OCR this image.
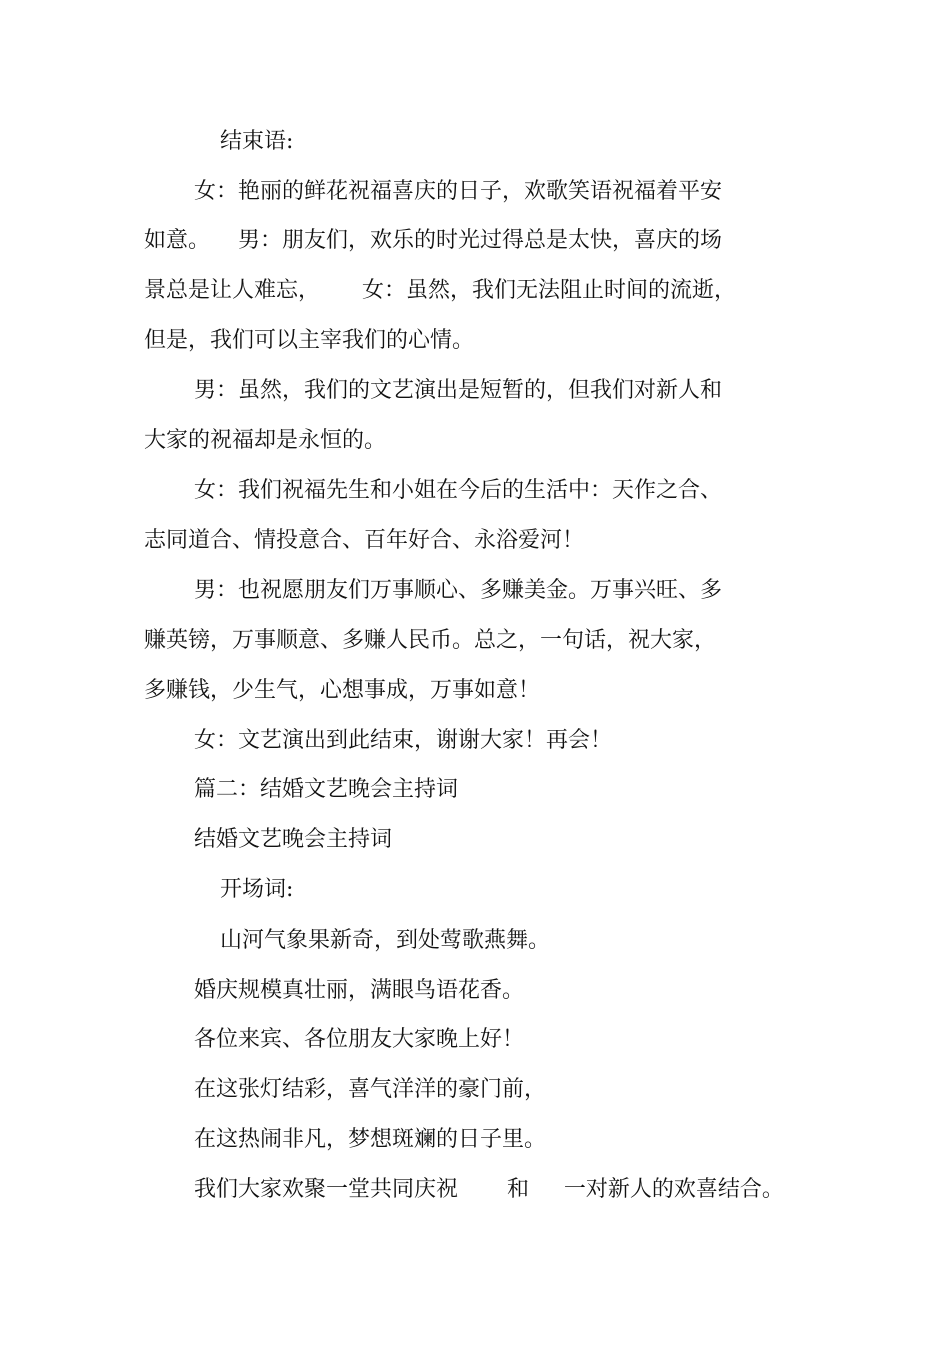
结束语:
女：艳丽的鲜花祝福喜庆的日子，欢歌笑语祝福着平安
如意。    男：朋友们，欢乐的时光过得总是太快，喜庆的场
景总是让人难忘，      女：虽然，我们无法阻止时间的流逝，
但是，我们可以主宰我们的心情。
男：虽然，我们的文艺演出是短暂的，但我们对新人和
大家的祝福却是永恒的。
女：我们祝福先生和小姐在今后的生活中：天作之合、
志同道合、情投意合、百年好合、永浴爱河！
男：也祝愿朋友们万事顺心、多赚美金。万事兴旺、多
赚英镑，万事顺意、多赚人民币。总之，一句话，祝大家，
多赚钱，少生气，心想事成，万事如意！
女：文艺演出到此结束，谢谢大家！再会！
篇二：结婚文艺晚会主持词
结婚文艺晚会主持词
开场词:
山河气象果新奇，到处莺歌燕舞。
婚庆规模真壮丽，满眼鸟语花香。
各位来宾、各位朋友大家晚上好！
在这张灯结彩，喜气洋洋的豪门前，
在这热闹非凡，梦想斑斓的日子里。
我们大家欢聚一堂共同庆祝       和     一对新人的欢喜结合。
